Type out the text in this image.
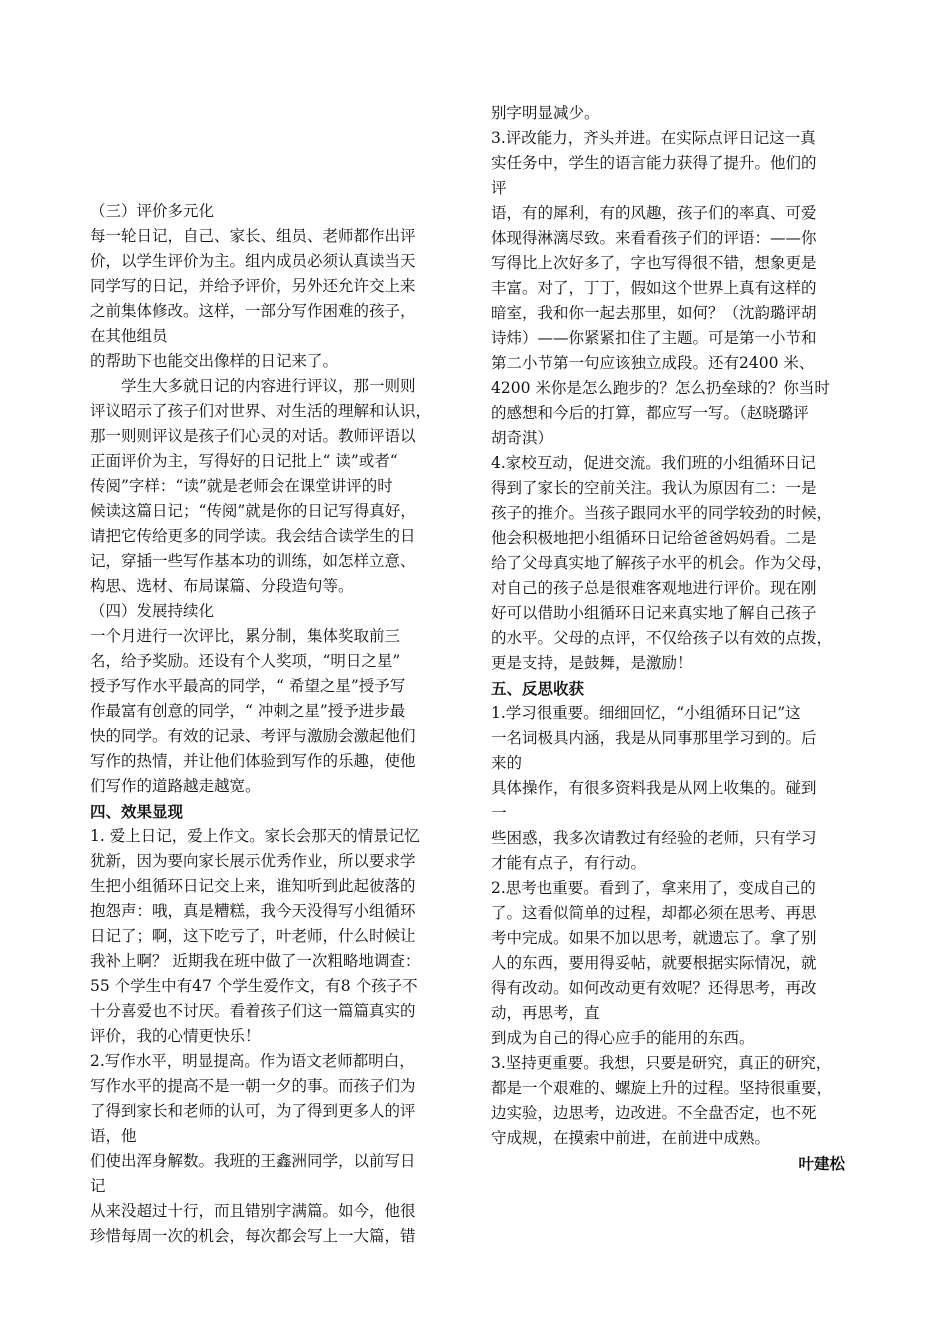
（三）评价多元化
每一轮日记，自己、家长、组员、老师都作出评
价，以学生评价为主。组内成员必须认真读当天
同学写的日记，并给予评价，另外还允许交上来
之前集体修改。这样，一部分写作困难的孩子，
在其他组员
的帮助下也能交出像样的日记来了。
学生大多就日记的内容进行评议，那一则则
评议昭示了孩子们对世界、对生活的理解和认识，
那一则则评议是孩子们心灵的对话。教师评语以
正面评价为主，写得好的日记批上“ 读”或者“
传阅”字样：“读”就是老师会在课堂讲评的时
候读这篇日记；“传阅”就是你的日记写得真好，
请把它传给更多的同学读。我会结合读学生的日
记，穿插一些写作基本功的训练，如怎样立意、
构思、选材、布局谋篇、分段造句等。
（四）发展持续化
一个月进行一次评比，累分制，集体奖取前三
名，给予奖励。还设有个人奖项，“明日之星”
授予写作水平最高的同学，“ 希望之星”授予写
作最富有创意的同学，“ 冲刺之星”授予进步最
快的同学。有效的记录、考评与激励会激起他们
写作的热情，并让他们体验到写作的乐趣，使他
们写作的道路越走越宽。
四、效果显现
1. 爱上日记，爱上作文。家长会那天的情景记忆
犹新，因为要向家长展示优秀作业，所以要求学
生把小组循环日记交上来，谁知听到此起彼落的
抱怨声：哦，真是糟糕，我今天没得写小组循环
日记了；啊，这下吃亏了，叶老师，什么时候让
我补上啊？ 近期我在班中做了一次粗略地调查：
55 个学生中有47 个学生爱作文，有8 个孩子不
十分喜爱也不讨厌。看着孩子们这一篇篇真实的
评价，我的心情更快乐！
2.写作水平，明显提高。作为语文老师都明白，
写作水平的提高不是一朝一夕的事。而孩子们为
了得到家长和老师的认可，为了得到更多人的评
语，他
们使出浑身解数。我班的王鑫洲同学，以前写日
记
从来没超过十行，而且错别字满篇。如今，他很
珍惜每周一次的机会，每次都会写上一大篇，错
别字明显减少。
3.评改能力，齐头并进。在实际点评日记这一真
实任务中，学生的语言能力获得了提升。他们的
评
语，有的犀利，有的风趣，孩子们的率真、可爱
体现得淋漓尽致。来看看孩子们的评语：——你
写得比上次好多了，字也写得很不错，想象更是
丰富。对了，丁丁，假如这个世界上真有这样的
暗室，我和你一起去那里，如何？（沈韵璐评胡
诗炜）——你紧紧扣住了主题。可是第一小节和
第二小节第一句应该独立成段。还有2400 米、
4200 米你是怎么跑步的？怎么扔垒球的？你当时
的感想和今后的打算，都应写一写。（赵晓璐评
胡奇淇）
4.家校互动，促进交流。我们班的小组循环日记
得到了家长的空前关注。我认为原因有二：一是
孩子的推介。当孩子跟同水平的同学较劲的时候，
他会积极地把小组循环日记给爸爸妈妈看。二是
给了父母真实地了解孩子水平的机会。作为父母，
对自己的孩子总是很难客观地进行评价。现在刚
好可以借助小组循环日记来真实地了解自己孩子
的水平。父母的点评，不仅给孩子以有效的点拨，
更是支持，是鼓舞，是激励！
五、反思收获
1.学习很重要。细细回忆，“小组循环日记”这
一名词极具内涵，我是从同事那里学习到的。后
来的
具体操作，有很多资料我是从网上收集的。碰到
一
些困惑，我多次请教过有经验的老师，只有学习
才能有点子，有行动。
2.思考也重要。看到了，拿来用了，变成自己的
了。这看似简单的过程，却都必须在思考、再思
考中完成。如果不加以思考，就遗忘了。拿了别
人的东西，要用得妥帖，就要根据实际情况，就
得有改动。如何改动更有效呢？还得思考，再改
动，再思考，直
到成为自己的得心应手的能用的东西。
3.坚持更重要。我想，只要是研究，真正的研究，
都是一个艰难的、螺旋上升的过程。坚持很重要，
边实验，边思考，边改进。不全盘否定，也不死
守成规，在摸索中前进，在前进中成熟。
叶建松
